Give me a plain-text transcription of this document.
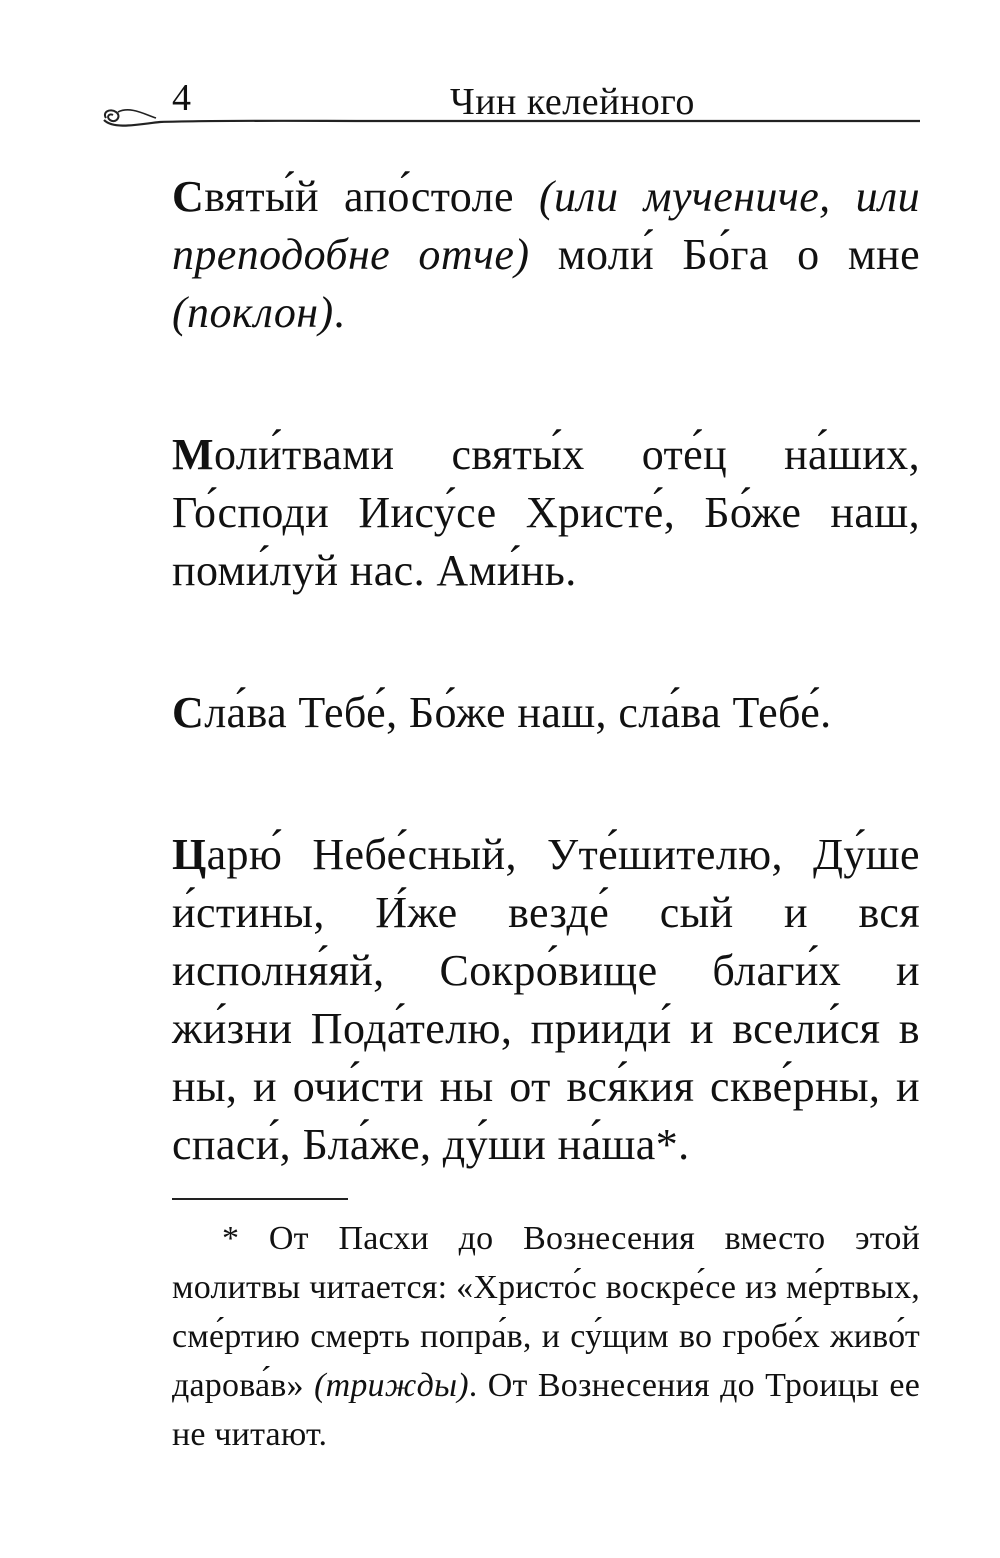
4	Чин келейного

Святы́й апо́столе (или мучениче, или преподобне отче) моли́ Бо́га о мне (поклон).

Моли́твами святы́х оте́ц на́ших, Го́споди Иису́се Христе́, Бо́же наш, поми́луй нас. Ами́нь.

Сла́ва Тебе́, Бо́же наш, сла́ва Тебе́.

Царю́ Небе́сный, Уте́шителю, Ду́ше и́стины, И́же везде́ сый и вся исполня́яй, Сокро́вище благи́х и жи́зни Пода́телю, прииди́ и всели́ся в ны, и очи́сти ны от вся́кия скве́рны, и спаси́, Бла́же, ду́ши на́ша*.

* От Пасхи до Вознесения вместо этой молитвы читается: «Христо́с воскре́се из ме́ртвых, сме́ртию смерть попра́в, и су́щим во гробе́х живо́т дарова́в» (трижды). От Вознесения до Троицы ее не читают.
